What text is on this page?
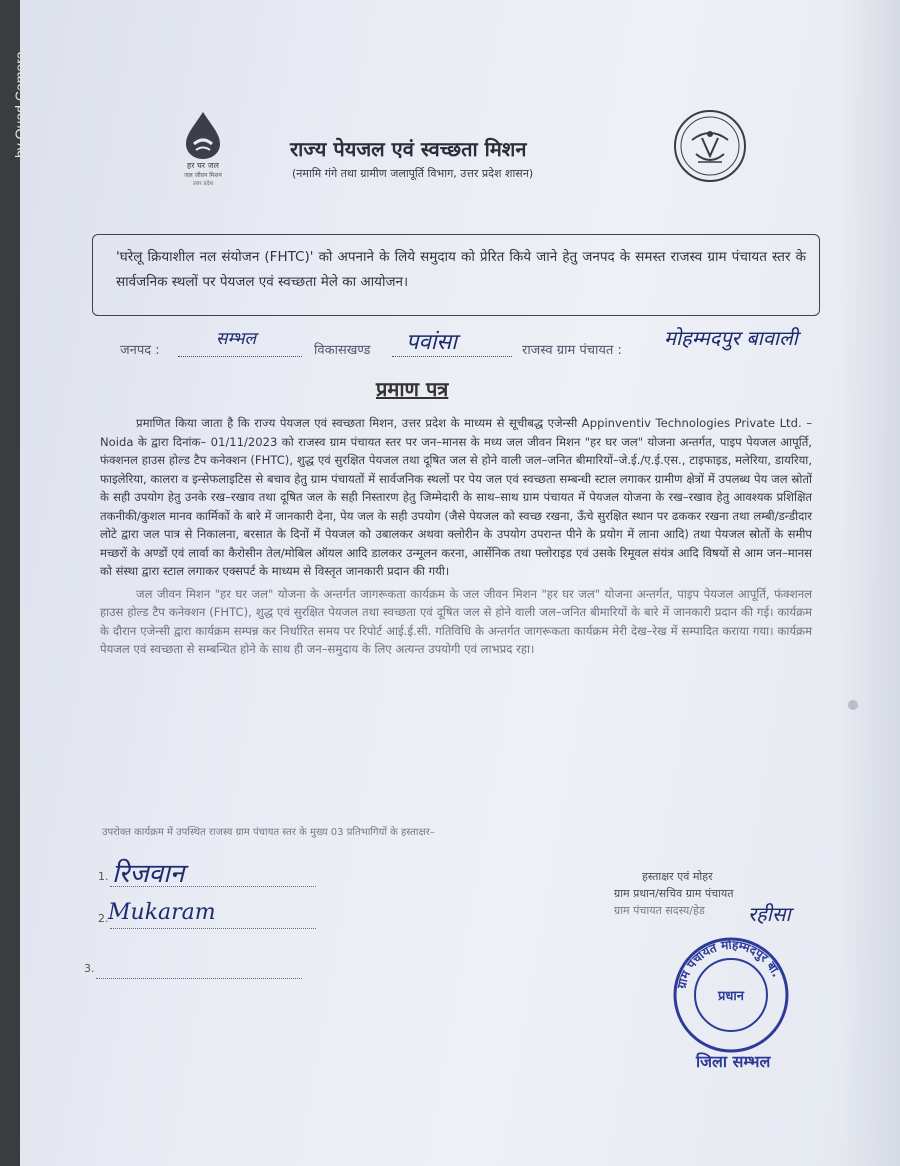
हर घर जल
जल जीवन मिशन
उत्तर प्रदेश
राज्य पेयजल एवं स्वच्छता मिशन
(नमामि गंगे तथा ग्रामीण जलापूर्ति विभाग, उत्तर प्रदेश शासन)
'घरेलू क्रियाशील नल संयोजन (FHTC)' को अपनाने के लिये समुदाय को प्रेरित किये जाने हेतु जनपद के समस्त राजस्व ग्राम पंचायत स्तर के सार्वजनिक स्थलों पर पेयजल एवं स्वच्छता मेले का आयोजन।
जनपद :
सम्भल
विकासखण्ड पवांसा	राजस्व ग्राम पंचायत :
मोहम्मदपुर बावाली
प्रमाण पत्र

प्रमाणित किया जाता है कि राज्य पेयजल एवं स्वच्छता मिशन, उत्तर प्रदेश के माध्यम से सूचीबद्ध एजेन्सी Appinventiv Technologies Private Ltd. – Noida के द्वारा दिनांक– 01/11/2023 को राजस्व ग्राम पंचायत स्तर पर जन–मानस के मध्य जल जीवन मिशन "हर घर जल" योजना अन्तर्गत, पाइप पेयजल आपूर्ति, फंक्शनल हाउस होल्ड टैप कनेक्शन (FHTC), शुद्ध एवं सुरक्षित पेयजल तथा दूषित जल से होने वाली जल–जनित बीमारियों–जे.ई./ए.ई.एस., टाइफाइड, मलेरिया, डायरिया, फाइलेरिया, कालरा व इन्सेफलाइटिस से बचाव हेतु ग्राम पंचायतों में सार्वजनिक स्थलों पर पेय जल एवं स्वच्छता सम्बन्धी स्टाल लगाकर ग्रामीण क्षेत्रों में उपलब्ध पेय जल स्रोतों के सही उपयोग हेतु उनके रख–रखाव तथा दूषित जल के सही निस्तारण हेतु जिम्मेदारी के साथ–साथ ग्राम पंचायत में पेयजल योजना के रख–रखाव हेतु आवश्यक प्रशिक्षित तकनीकी/कुशल मानव कार्मिकों के बारे में जानकारी देना, पेय जल के सही उपयोग (जैसे पेयजल को स्वच्छ रखना, ऊँचे सुरक्षित स्थान पर ढककर रखना तथा लम्बी/डन्डीदार लोटे द्वारा जल पात्र से निकालना, बरसात के दिनों में पेयजल को उबालकर अथवा क्लोरीन के उपयोग उपरान्त पीने के प्रयोग में लाना आदि) तथा पेयजल स्रोतों के समीप मच्छरों के अण्डों एवं लार्वा का कैरोसीन तेल/मोबिल ऑयल आदि डालकर उन्मूलन करना, आर्सेनिक तथा फ्लोराइड एवं उसके रिमूवल संयंत्र आदि विषयों से आम जन–मानस को संस्था द्वारा स्टाल लगाकर एक्सपर्ट के माध्यम से विस्तृत जानकारी प्रदान की गयी।

जल जीवन मिशन "हर घर जल" योजना के अन्तर्गत जागरूकता कार्यक्रम के जल जीवन मिशन "हर घर जल" योजना अन्तर्गत, पाइप पेयजल आपूर्ति, फंक्शनल हाउस होल्ड टैप कनेक्शन (FHTC), शुद्ध एवं सुरक्षित पेयजल तथा स्वच्छता एवं दूषित जल से होने वाली जल–जनित बीमारियों के बारे में जानकारी प्रदान की गई। कार्यक्रम के दौरान एजेन्सी द्वारा कार्यक्रम सम्पन्न कर निर्धारित समय पर रिपोर्ट आई.ई.सी. गतिविधि के अन्तर्गत जागरूकता कार्यक्रम मेरी देख–रेख में सम्पादित कराया गया। कार्यक्रम पेयजल एवं स्वच्छता से सम्बन्धित होने के साथ ही जन–समुदाय के लिए अत्यन्त उपयोगी एवं लाभप्रद रहा।

उपरोक्त कार्यक्रम में उपस्थित राजस्व ग्राम पंचायत स्तर के मुख्य 03 प्रतिभागियों के हस्ताक्षर–
1. रिजवान
2. Mukaram
3.
हस्ताक्षर एवं मोहर
ग्राम प्रधान/सचिव ग्राम पंचायत
ग्राम पंचायत सदस्य/हेड	रहीसा
ग्राम पंचायत मोहम्मदपुर बा.
प्रधान
जिला सम्भल
